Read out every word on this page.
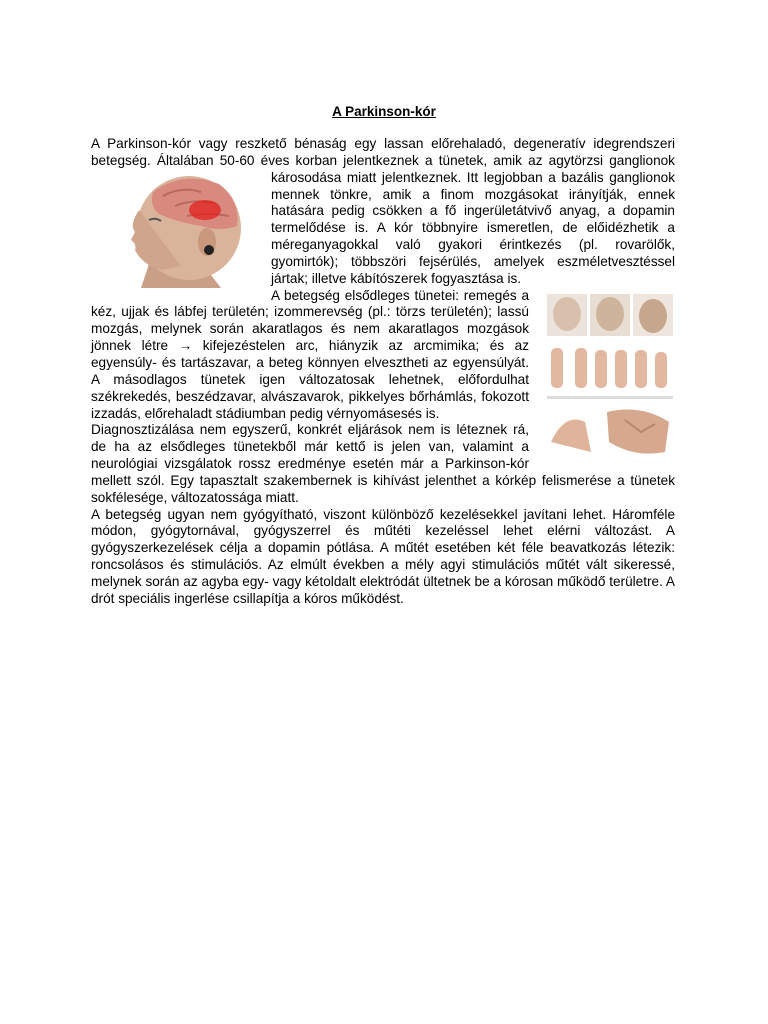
A Parkinson-kór

A Parkinson-kór vagy reszkető bénaság egy lassan előrehaladó, degeneratív idegrendszeri betegség. Általában 50-60 éves korban jelentkeznek a tünetek, amik
az agytörzsi ganglionok károsodása miatt jelentkeznek. Itt legjobban a bazális ganglionok mennek tönkre, amik a finom mozgásokat irányítják, ennek hatására pedig csökken a fő ingerületátvivő anyag, a dopamin termelődése is. A kór többnyire ismeretlen, de előidézhetik a méreganyagokkal való gyakori érintkezés (pl. rovarölők, gyomirtók); többszöri fejsérülés, amelyek eszméletvesztéssel jártak; illetve kábítószerek fogyasztása is.

A betegség elsődleges tünetei: remegés a kéz, ujjak és lábfej területén; izommerevség (pl.: törzs területén); lassú mozgás, melynek során akaratlagos és nem akaratlagos mozgások jönnek létre → kifejezéstelen arc, hiányzik az arcmimika; és az egyensúly- és tartászavar, a beteg könnyen elvesztheti az egyensúlyát. A másodlagos tünetek igen változatosak lehetnek, előfordulhat székrekedés, beszédzavar, alvászavarok, pikkelyes bőrhámlás, fokozott izzadás, előrehaladt stádiumban pedig vérnyomásesés is.

Diagnosztizálása nem egyszerű, konkrét eljárások nem is léteznek rá, de ha az elsődleges tünetekből már kettő is jelen van, valamint a neurológiai vizsgálatok rossz eredménye esetén már a Parkinson-kór mellett szól. Egy tapasztalt szakembernek is kihívást jelenthet a kórkép felismerése a tünetek sokfélesége, változatossága miatt.

A betegség ugyan nem gyógyítható, viszont különböző kezelésekkel javítani lehet. Háromféle módon, gyógytornával, gyógyszerrel és műtéti kezeléssel lehet elérni változást. A gyógyszerkezelések célja a dopamin pótlása. A műtét esetében két féle beavatkozás létezik: roncsolásos és stimulációs. Az elmúlt években a mély agyi stimulációs műtét vált sikeressé, melynek során az agyba egy- vagy kétoldalt elektródát ültetnek be a kórosan működő területre. A drót speciális ingerlése csillapítja a kóros működést.
